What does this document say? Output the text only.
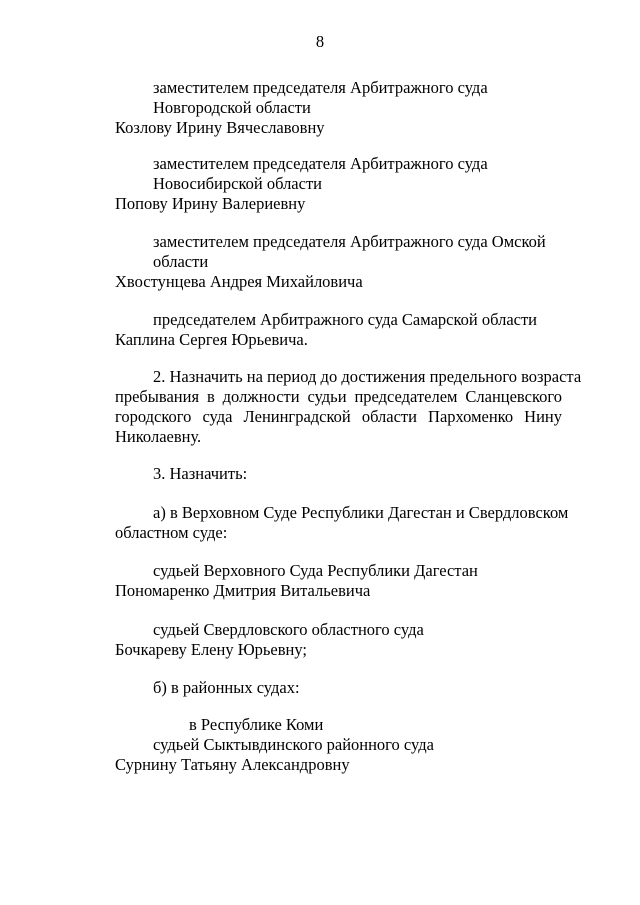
8
заместителем председателя Арбитражного суда
Новгородской области
Козлову Ирину Вячеславовну
заместителем председателя Арбитражного суда
Новосибирской области
Попову Ирину Валериевну
заместителем председателя Арбитражного суда Омской
области
Хвостунцева Андрея Михайловича
председателем Арбитражного суда Самарской области
Каплина Сергея Юрьевича.
2. Назначить на период до достижения предельного возраста
пребывания в должности судьи председателем Сланцевского
городского суда Ленинградской области Пархоменко Нину
Николаевну.
3. Назначить:
а) в Верховном Суде Республики Дагестан и Свердловском
областном суде:
судьей Верховного Суда Республики Дагестан
Пономаренко Дмитрия Витальевича
судьей Свердловского областного суда
Бочкареву Елену Юрьевну;
б) в районных судах:
в Республике Коми
судьей Сыктывдинского районного суда
Сурнину Татьяну Александровну
